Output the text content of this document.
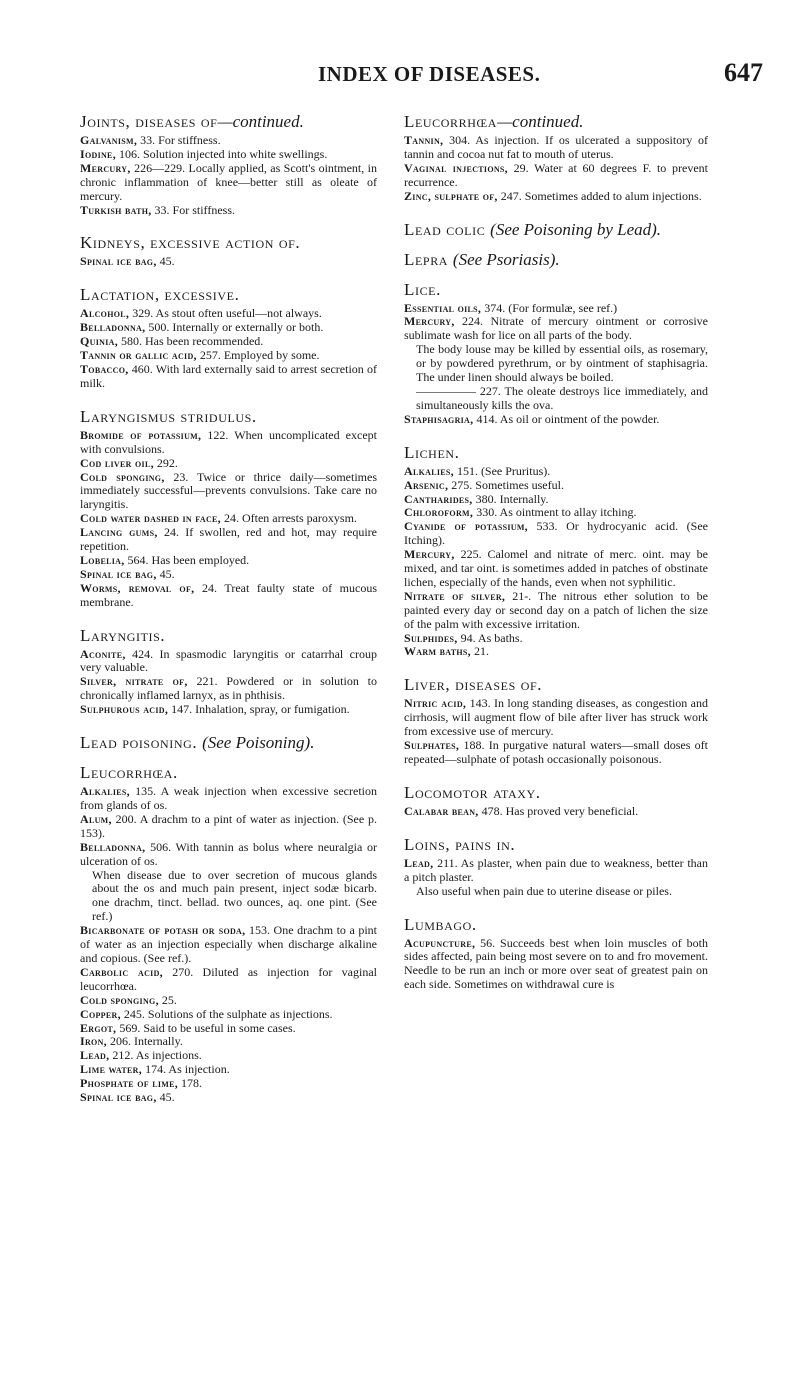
INDEX OF DISEASES.	647
Joints, diseases of—continued.

Galvanism, 33. For stiffness.

Iodine, 106. Solution injected into white swellings.

Mercury, 226—229. Locally applied, as Scott's ointment, in chronic inflammation of knee—better still as oleate of mercury.

Turkish bath, 33. For stiffness.

Kidneys, excessive action of.

Spinal ice bag, 45.

Lactation, excessive.

Alcohol, 329. As stout often useful—not always.

Belladonna, 500. Internally or externally or both.

Quinia, 580. Has been recommended.

Tannin or gallic acid, 257. Employed by some.

Tobacco, 460. With lard externally said to arrest secretion of milk.

Laryngismus stridulus.

Bromide of potassium, 122. When uncomplicated except with convulsions.

Cod liver oil, 292.

Cold sponging, 23. Twice or thrice daily—sometimes immediately successful—prevents convulsions. Take care no laryngitis.

Cold water dashed in face, 24. Often arrests paroxysm.

Lancing gums, 24. If swollen, red and hot, may require repetition.

Lobelia, 564. Has been employed.

Spinal ice bag, 45.

Worms, removal of, 24. Treat faulty state of mucous membrane.

Laryngitis.

Aconite, 424. In spasmodic laryngitis or catarrhal croup very valuable.

Silver, nitrate of, 221. Powdered or in solution to chronically inflamed larnyx, as in phthisis.

Sulphurous acid, 147. Inhalation, spray, or fumigation.

Lead poisoning. (See Poisoning).
Leucorrhœa.

Alkalies, 135. A weak injection when excessive secretion from glands of os.

Alum, 200. A drachm to a pint of water as injection. (See p. 153).

Belladonna, 506. With tannin as bolus where neuralgia or ulceration of os.

When disease due to over secretion of mucous glands about the os and much pain present, inject sodæ bicarb. one drachm, tinct. bellad. two ounces, aq. one pint. (See ref.)

Bicarbonate of potash or soda, 153. One drachm to a pint of water as an injection especially when discharge alkaline and copious. (See ref.).

Carbolic acid, 270. Diluted as injection for vaginal leucorrhœa.

Cold sponging, 25.

Copper, 245. Solutions of the sulphate as injections.

Ergot, 569. Said to be useful in some cases.

Iron, 206. Internally.

Lead, 212. As injections.

Lime water, 174. As injection.

Phosphate of lime, 178.

Spinal ice bag, 45.

Leucorrhœa—continued.

Tannin, 304. As injection. If os ulcerated a suppository of tannin and cocoa nut fat to mouth of uterus.

Vaginal injections, 29. Water at 60 degrees F. to prevent recurrence.

Zinc, sulphate of, 247. Sometimes added to alum injections.

Lead colic (See Poisoning by Lead).
Lepra (See Psoriasis).
Lice.

Essential oils, 374. (For formulæ, see ref.)

Mercury, 224. Nitrate of mercury ointment or corrosive sublimate wash for lice on all parts of the body.

The body louse may be killed by essential oils, as rosemary, or by powdered pyrethrum, or by ointment of staphisagria. The under linen should always be boiled.

————— 227. The oleate destroys lice immediately, and simultaneously kills the ova.

Staphisagria, 414. As oil or ointment of the powder.

Lichen.

Alkalies, 151. (See Pruritus).

Arsenic, 275. Sometimes useful.

Cantharides, 380. Internally.

Chloroform, 330. As ointment to allay itching.

Cyanide of potassium, 533. Or hydrocyanic acid. (See Itching).

Mercury, 225. Calomel and nitrate of merc. oint. may be mixed, and tar oint. is sometimes added in patches of obstinate lichen, especially of the hands, even when not syphilitic.

Nitrate of silver, 21-. The nitrous ether solution to be painted every day or second day on a patch of lichen the size of the palm with excessive irritation.

Sulphides, 94. As baths.

Warm baths, 21.

Liver, diseases of.

Nitric acid, 143. In long standing diseases, as congestion and cirrhosis, will augment flow of bile after liver has struck work from excessive use of mercury.

Sulphates, 188. In purgative natural waters—small doses oft repeated—sulphate of potash occasionally poisonous.

Locomotor ataxy.

Calabar bean, 478. Has proved very beneficial.

Loins, pains in.

Lead, 211. As plaster, when pain due to weakness, better than a pitch plaster.

Also useful when pain due to uterine disease or piles.

Lumbago.

Acupuncture, 56. Succeeds best when loin muscles of both sides affected, pain being most severe on to and fro movement. Needle to be run an inch or more over seat of greatest pain on each side. Sometimes on withdrawal cure is
